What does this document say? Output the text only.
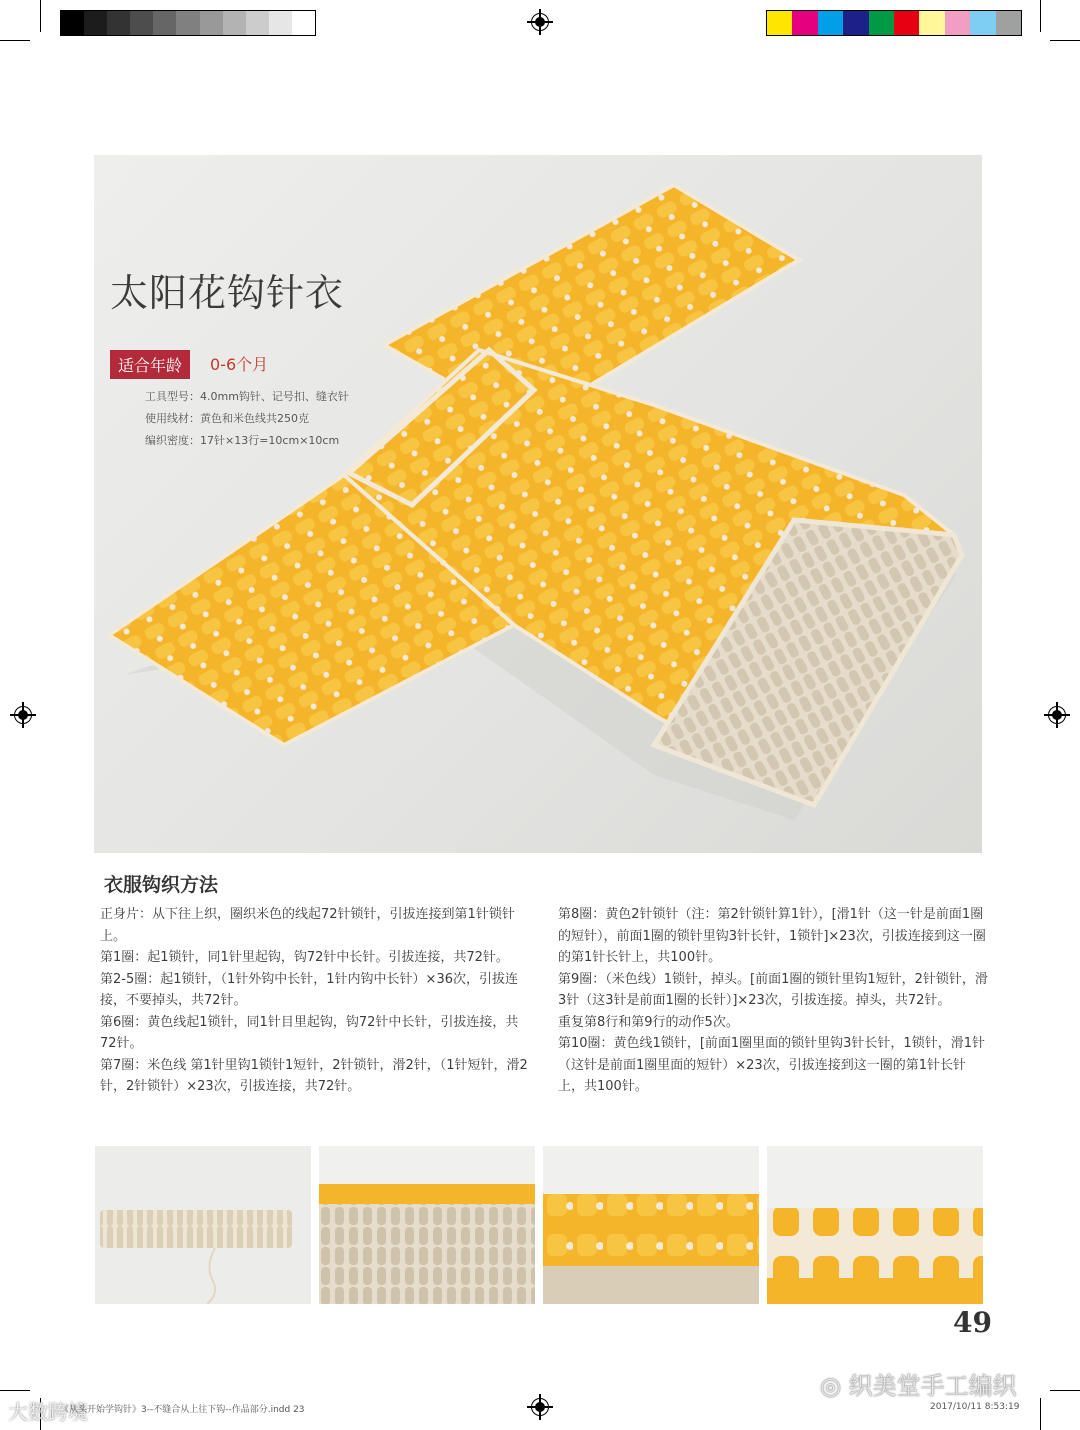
太阳花钩针衣
适合年龄	0-6个月
工具型号：4.0mm钩针、记号扣、缝衣针
使用线材：黄色和米色线共250克
编织密度：17针×13行=10cm×10cm
衣服钩织方法

正身片：从下往上织，圈织米色的线起72针锁针，引拔连接到第1针锁针上。

第1圈：起1锁针，同1针里起钩，钩72针中长针。引拔连接，共72针。

第2-5圈：起1锁针，（1针外钩中长针，1针内钩中长针）×36次，引拔连接，不要掉头，共72针。

第6圈：黄色线起1锁针，同1针目里起钩，钩72针中长针，引拔连接，共72针。

第7圈：米色线 第1针里钩1锁针1短针，2针锁针，滑2针，（1针短针，滑2针，2针锁针）×23次，引拔连接，共72针。

第8圈：黄色2针锁针（注：第2针锁针算1针），[滑1针（这一针是前面1圈的短针），前面1圈的锁针里钩3针长针，1锁针]×23次，引拔连接到这一圈的第1针长针上，共100针。

第9圈：（米色线）1锁针，掉头。[前面1圈的锁针里钩1短针，2针锁针，滑3针（这3针是前面1圈的长针）]×23次，引拔连接。掉头，共72针。

重复第8行和第9行的动作5次。

第10圈：黄色线1锁针，[前面1圈里面的锁针里钩3针长针，1锁针，滑1针（这针是前面1圈里面的短针）×23次，引拔连接到这一圈的第1针长针上，共100针。

49
◎ 织美堂手工编织
大数跨境
《从头开始学钩针》3--不缝合从上往下钩--作品部分.indd 23	2017/10/11 8:53:19
